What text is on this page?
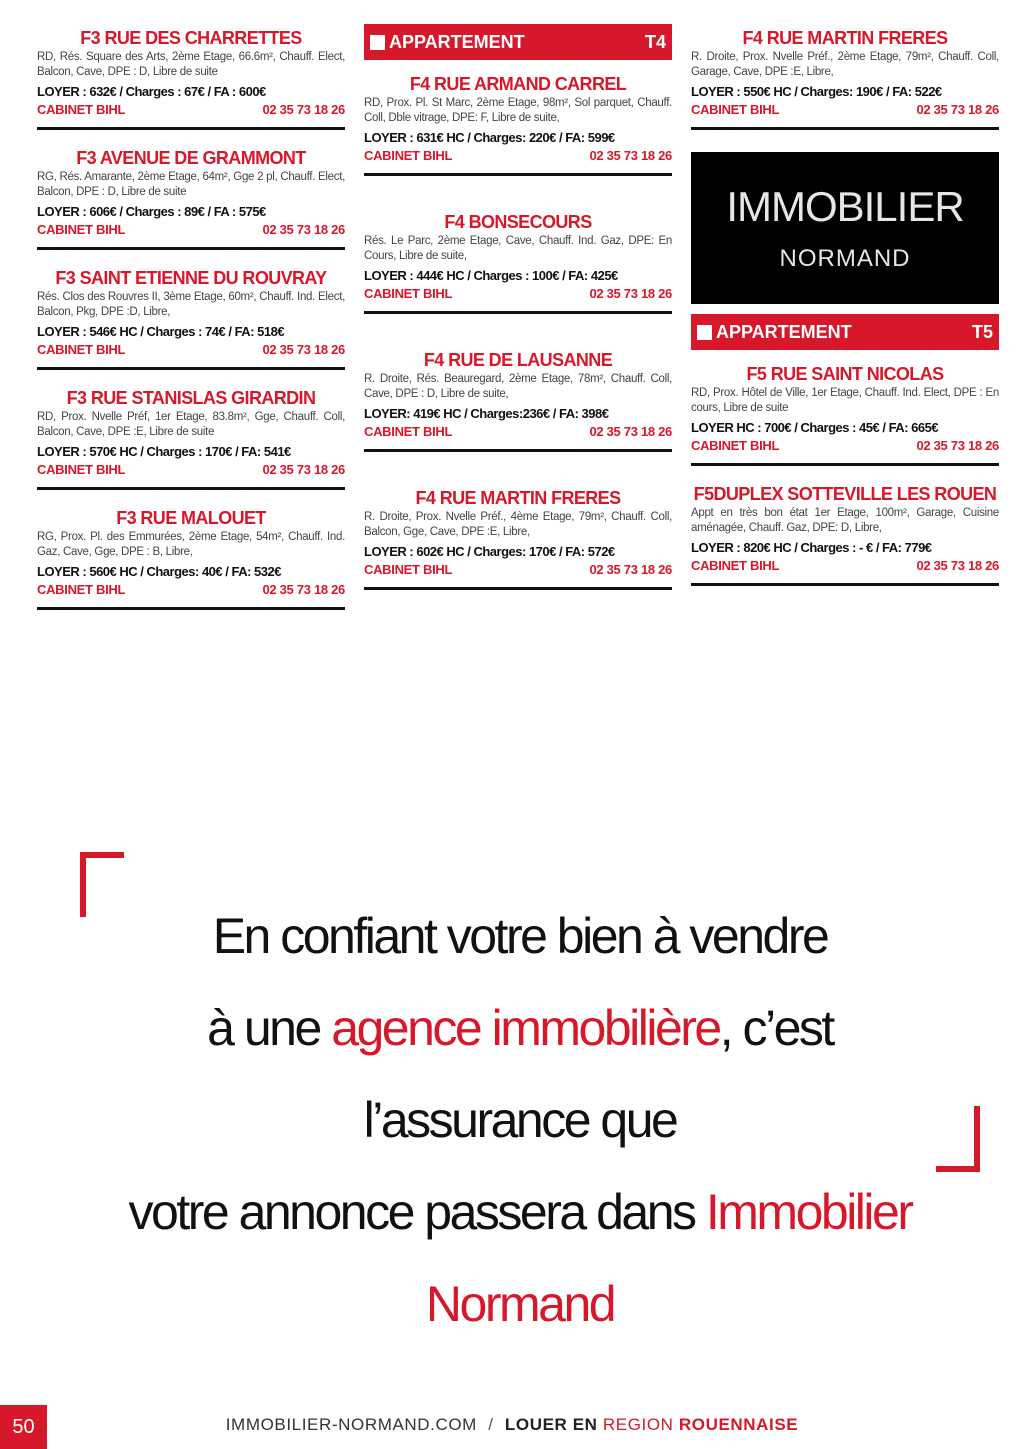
F3 RUE DES CHARRETTES
RD, Rés. Square des Arts, 2ème Etage, 66.6m², Chauff. Elect, Balcon, Cave, DPE : D, Libre de suite
LOYER : 632€ / Charges : 67€ / FA : 600€
CABINET BIHL	02 35 73 18 26
F3 AVENUE DE GRAMMONT
RG, Rés. Amarante, 2ème Etage, 64m², Gge 2 pl, Chauff. Elect, Balcon, DPE : D, Libre de suite
LOYER : 606€ / Charges : 89€ / FA : 575€
CABINET BIHL	02 35 73 18 26
F3 SAINT ETIENNE DU ROUVRAY
Rés. Clos des Rouvres II, 3ème Etage, 60m², Chauff. Ind. Elect, Balcon, Pkg, DPE :D, Libre,
LOYER : 546€ HC / Charges : 74€ / FA: 518€
CABINET BIHL	02 35 73 18 26
F3 RUE STANISLAS GIRARDIN
RD, Prox. Nvelle Préf, 1er Etage, 83.8m², Gge, Chauff. Coll, Balcon, Cave, DPE :E, Libre de suite
LOYER : 570€ HC / Charges : 170€ / FA: 541€
CABINET BIHL	02 35 73 18 26
F3 RUE MALOUET
RG, Prox. Pl. des Emmurées, 2ème Etage, 54m², Chauff. Ind. Gaz, Cave, Gge, DPE : B, Libre,
LOYER : 560€ HC / Charges: 40€ / FA: 532€
CABINET BIHL	02 35 73 18 26
APPARTEMENT	T4
F4 RUE ARMAND CARREL
RD, Prox. Pl. St Marc, 2ème Etage, 98m², Sol parquet, Chauff. Coll, Dble vitrage, DPE: F, Libre de suite,
LOYER : 631€ HC / Charges: 220€ / FA: 599€
CABINET BIHL	02 35 73 18 26
F4 BONSECOURS
Rés. Le Parc, 2ème Etage, Cave, Chauff. Ind. Gaz, DPE: En Cours, Libre de suite,
LOYER : 444€ HC / Charges : 100€ / FA: 425€
CABINET BIHL	02 35 73 18 26
F4 RUE DE LAUSANNE
R. Droite, Rés. Beauregard, 2ème Etage, 78m², Chauff. Coll, Cave, DPE : D, Libre de suite,
LOYER: 419€ HC / Charges:236€ / FA: 398€
CABINET BIHL	02 35 73 18 26
F4 RUE MARTIN FRERES
R. Droite, Prox. Nvelle Préf., 4ème Etage, 79m², Chauff. Coll, Balcon, Gge, Cave, DPE :E, Libre,
LOYER : 602€ HC / Charges: 170€ / FA: 572€
CABINET BIHL	02 35 73 18 26
F4 RUE MARTIN FRERES
R. Droite, Prox. Nvelle Préf., 2ème Etage, 79m², Chauff. Coll, Garage, Cave, DPE :E, Libre,
LOYER : 550€ HC / Charges: 190€ / FA: 522€
CABINET BIHL	02 35 73 18 26
IMMOBILIER
NORMAND
APPARTEMENT	T5
F5 RUE SAINT NICOLAS
RD, Prox. Hôtel de Ville, 1er Etage, Chauff. Ind. Elect, DPE : En cours, Libre de suite
LOYER HC : 700€ / Charges : 45€ / FA: 665€
CABINET BIHL	02 35 73 18 26
F5DUPLEX SOTTEVILLE LES ROUEN
Appt en très bon état 1er Etage, 100m², Garage, Cuisine aménagée, Chauff. Gaz, DPE: D, Libre,
LOYER : 820€ HC / Charges : - € / FA: 779€
CABINET BIHL	02 35 73 18 26
En confiant votre bien à vendre
à une agence immobilière, c’est l’assurance que
votre annonce passera dans Immobilier Normand
50	IMMOBILIER-NORMAND.COM / LOUER EN REGION ROUENNAISE
